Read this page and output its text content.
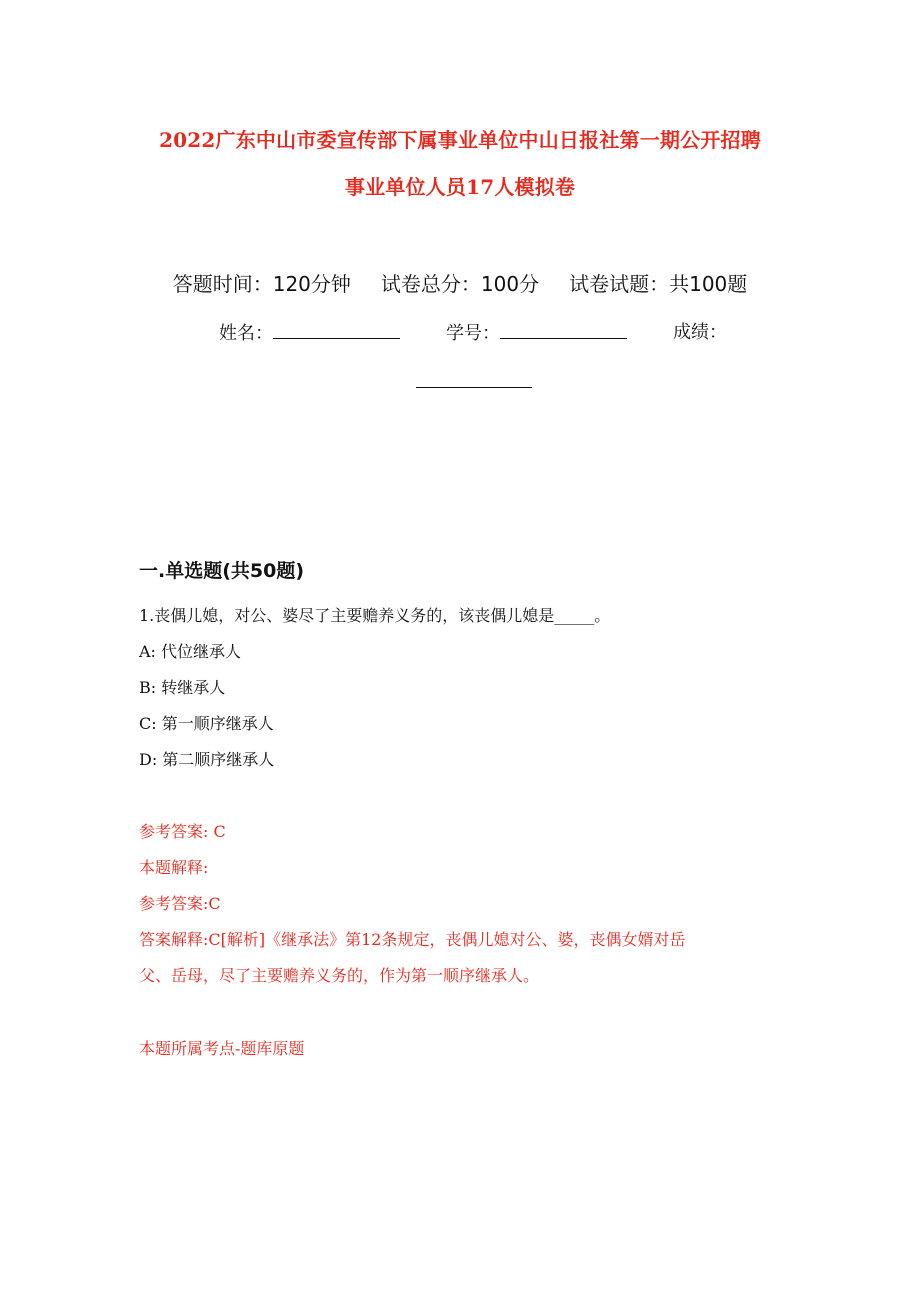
2022广东中山市委宣传部下属事业单位中山日报社第一期公开招聘
事业单位人员17人模拟卷
答题时间：120分钟 试卷总分：100分 试卷试题：共100题
姓名：	学号：	成绩：
一.单选题(共50题)
1.丧偶儿媳，对公、婆尽了主要赡养义务的，该丧偶儿媳是_____。
A: 代位继承人
B: 转继承人
C: 第一顺序继承人
D: 第二顺序继承人
参考答案: C
本题解释:
参考答案:C
答案解释:C[解析]《继承法》第12条规定，丧偶儿媳对公、婆，丧偶女婿对岳
父、岳母，尽了主要赡养义务的，作为第一顺序继承人。
本题所属考点-题库原题
